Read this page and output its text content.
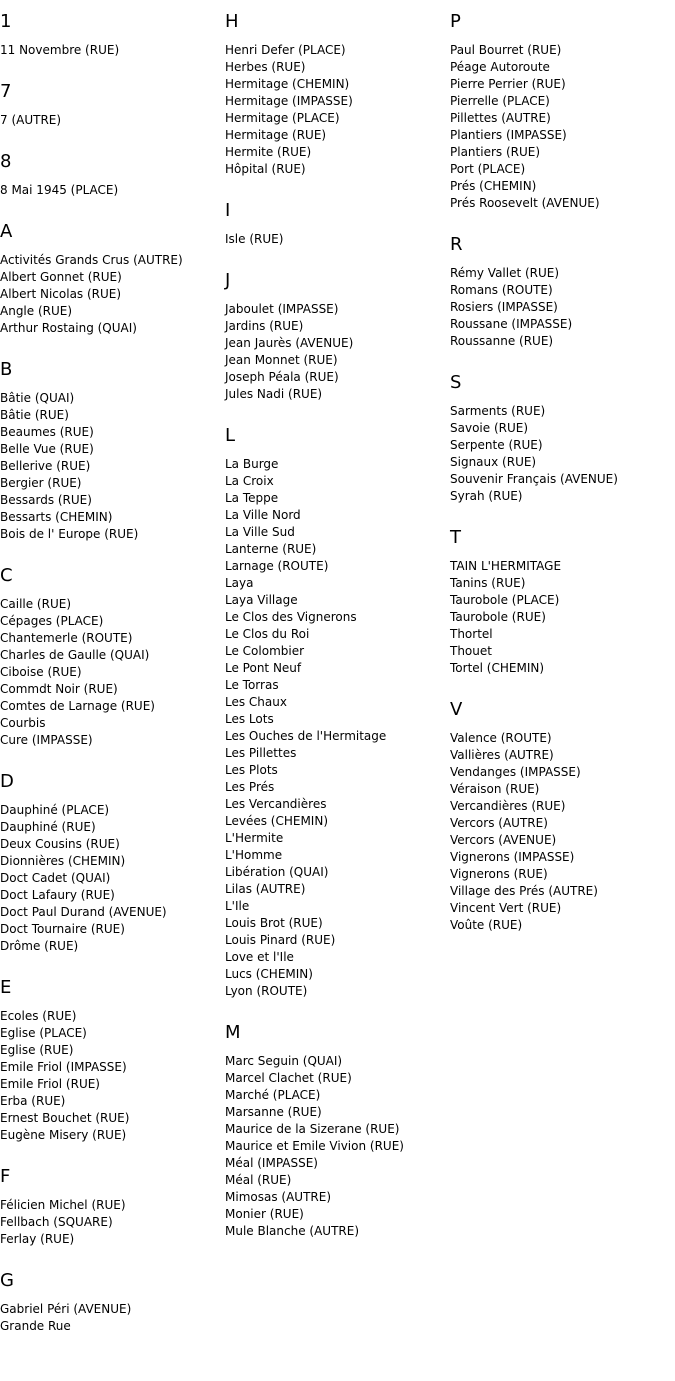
1
11 Novembre (RUE)
7
7 (AUTRE)
8
8 Mai 1945 (PLACE)
A
Activités Grands Crus (AUTRE)
Albert Gonnet (RUE)
Albert Nicolas (RUE)
Angle (RUE)
Arthur Rostaing (QUAI)
B
Bâtie (QUAI)
Bâtie (RUE)
Beaumes (RUE)
Belle Vue (RUE)
Bellerive (RUE)
Bergier (RUE)
Bessards (RUE)
Bessarts (CHEMIN)
Bois de l' Europe (RUE)
C
Caille (RUE)
Cépages (PLACE)
Chantemerle (ROUTE)
Charles de Gaulle (QUAI)
Ciboise (RUE)
Commdt Noir (RUE)
Comtes de Larnage (RUE)
Courbis
Cure (IMPASSE)
D
Dauphiné (PLACE)
Dauphiné (RUE)
Deux Cousins (RUE)
Dionnières (CHEMIN)
Doct Cadet (QUAI)
Doct Lafaury (RUE)
Doct Paul Durand (AVENUE)
Doct Tournaire (RUE)
Drôme (RUE)
E
Ecoles (RUE)
Eglise (PLACE)
Eglise (RUE)
Emile Friol (IMPASSE)
Emile Friol (RUE)
Erba (RUE)
Ernest Bouchet (RUE)
Eugène Misery (RUE)
F
Félicien Michel (RUE)
Fellbach (SQUARE)
Ferlay (RUE)
G
Gabriel Péri (AVENUE)
Grande Rue
H
Henri Defer (PLACE)
Herbes (RUE)
Hermitage (CHEMIN)
Hermitage (IMPASSE)
Hermitage (PLACE)
Hermitage (RUE)
Hermite (RUE)
Hôpital (RUE)
I
Isle (RUE)
J
Jaboulet (IMPASSE)
Jardins (RUE)
Jean Jaurès (AVENUE)
Jean Monnet (RUE)
Joseph Péala (RUE)
Jules Nadi (RUE)
L
La Burge
La Croix
La Teppe
La Ville Nord
La Ville Sud
Lanterne (RUE)
Larnage (ROUTE)
Laya
Laya Village
Le Clos des Vignerons
Le Clos du Roi
Le Colombier
Le Pont Neuf
Le Torras
Les Chaux
Les Lots
Les Ouches de l'Hermitage
Les Pillettes
Les Plots
Les Prés
Les Vercandières
Levées (CHEMIN)
L'Hermite
L'Homme
Libération (QUAI)
Lilas (AUTRE)
L'Ile
Louis Brot (RUE)
Louis Pinard (RUE)
Love et l'Ile
Lucs (CHEMIN)
Lyon (ROUTE)
M
Marc Seguin (QUAI)
Marcel Clachet (RUE)
Marché (PLACE)
Marsanne (RUE)
Maurice de la Sizerane (RUE)
Maurice et Emile Vivion (RUE)
Méal (IMPASSE)
Méal (RUE)
Mimosas (AUTRE)
Monier (RUE)
Mule Blanche (AUTRE)
P
Paul Bourret (RUE)
Péage Autoroute
Pierre Perrier (RUE)
Pierrelle (PLACE)
Pillettes (AUTRE)
Plantiers (IMPASSE)
Plantiers (RUE)
Port (PLACE)
Prés (CHEMIN)
Prés Roosevelt (AVENUE)
R
Rémy Vallet (RUE)
Romans (ROUTE)
Rosiers (IMPASSE)
Roussane (IMPASSE)
Roussanne (RUE)
S
Sarments (RUE)
Savoie (RUE)
Serpente (RUE)
Signaux (RUE)
Souvenir Français (AVENUE)
Syrah (RUE)
T
TAIN L'HERMITAGE
Tanins (RUE)
Taurobole (PLACE)
Taurobole (RUE)
Thortel
Thouet
Tortel (CHEMIN)
V
Valence (ROUTE)
Vallières (AUTRE)
Vendanges (IMPASSE)
Véraison (RUE)
Vercandières (RUE)
Vercors (AUTRE)
Vercors (AVENUE)
Vignerons (IMPASSE)
Vignerons (RUE)
Village des Prés (AUTRE)
Vincent Vert (RUE)
Voûte (RUE)
